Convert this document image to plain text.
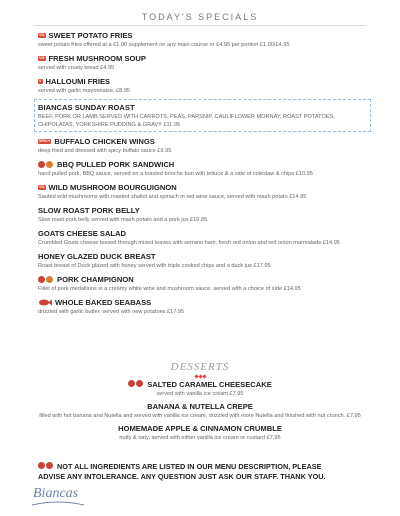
TODAY'S SPECIALS
VG SWEET POTATO FRIES
sweet potato fries offered at a £1.00 supplement on any main course or £4.95 per portion £1.00/£4.95
VG FRESH MUSHROOM SOUP
served with crusty bread £4.95
V HALLOUMI FRIES
served with garlic mayonnaise. £8.95
BIANCAS SUNDAY ROAST
BEEF, PORK OR LAMB SERVED WITH CARROTS, PEAS, PARSNIP, CAULIFLOWER MORNAY, ROAST POTATOES, CHIPOLATAS, YORKSHIRE PUDDING & GRAVY £11.95
SPICY BUFFALO CHICKEN WINGS
deep fried and dressed with spicy buffalo sauce £9.95
BBQ PULLED PORK SANDWICH
hand pulled pork, BBQ sauce, served on a toasted brioche bun with lettuce & a side of coleslaw & chips £10.95
VG WILD MUSHROOM BOURGUIGNON
Sautéd wild mushrooms with roasted shallot and spinach in red wine sauce, served with mash potato £14.95
SLOW ROAST PORK BELLY
Slow roast pork belly served with mash potato and a pork jus £16.95
GOATS CHEESE SALAD
Crumbled Goats cheese tossed through mixed leaves with serrano ham, fresh red onion and red onion marmalade £14.95
HONEY GLAZED DUCK BREAST
Roast breast of Duck glazed with honey served with triple cooked chips and a duck jus £17.95
PORK CHAMPIGNON
Fillet of pork medallions in a creamy white wine and mushroom sauce, served with a choice of side £14.95
WHOLE BAKED SEABASS
drizzled with garlic butter, served with new potatoes £17.95
DESSERTS
SALTED CARAMEL CHEESECAKE
served with vanilla ice cream £7.95
BANANA & NUTELLA CREPE
filled with hot banana and Nutella and served with vanilla ice cream, drizzled with more Nutella and finished with nut crunch. £7.95
HOMEMADE APPLE & CINNAMON CRUMBLE
nutty & oaty, served with either vanilla ice cream or custard £7.95
NOT ALL INGREDIENTS ARE LISTED IN OUR MENU DESCRIPTION, PLEASE ADVISE ANY INTOLERANCE. ANY QUESTION JUST ASK OUR STAFF. THANK YOU.
Biancas
